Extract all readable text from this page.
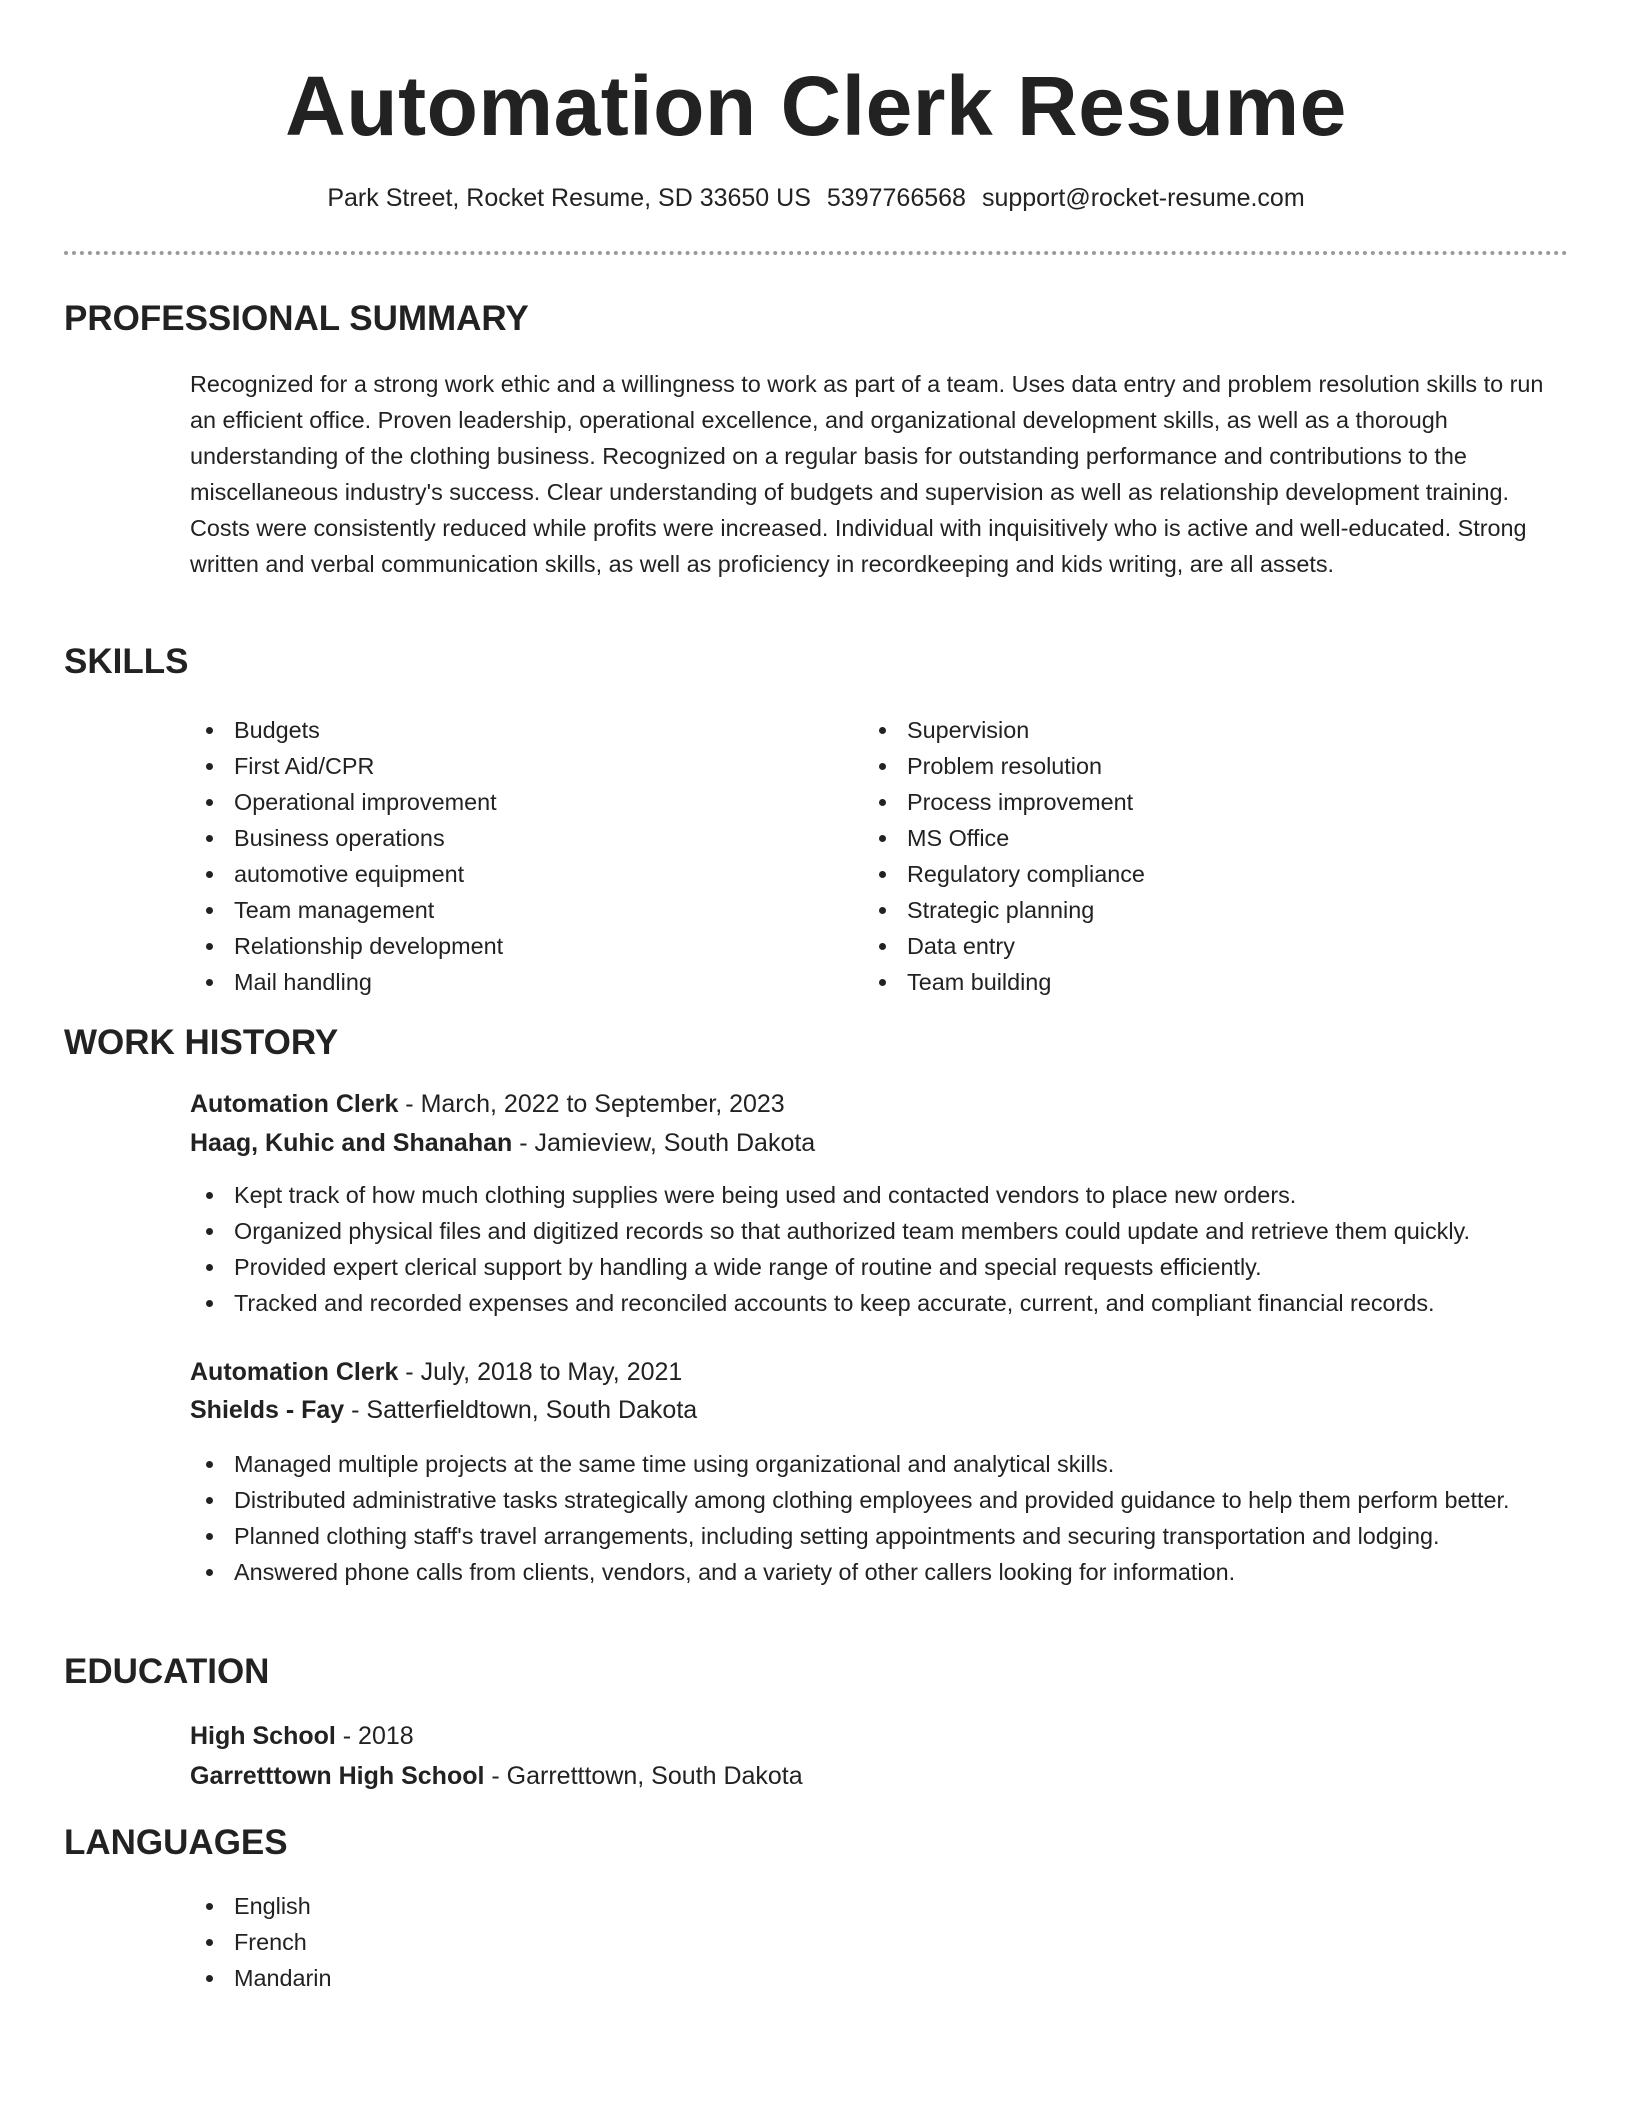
Automation Clerk Resume
Park Street, Rocket Resume, SD 33650 US 5397766568 support@rocket-resume.com
PROFESSIONAL SUMMARY

Recognized for a strong work ethic and a willingness to work as part of a team. Uses data entry and problem resolution skills to run an efficient office. Proven leadership, operational excellence, and organizational development skills, as well as a thorough understanding of the clothing business. Recognized on a regular basis for outstanding performance and contributions to the miscellaneous industry's success. Clear understanding of budgets and supervision as well as relationship development training. Costs were consistently reduced while profits were increased. Individual with inquisitively who is active and well-educated. Strong written and verbal communication skills, as well as proficiency in recordkeeping and kids writing, are all assets.

SKILLS
Budgets
First Aid/CPR
Operational improvement
Business operations
automotive equipment
Team management
Relationship development
Mail handling
Supervision
Problem resolution
Process improvement
MS Office
Regulatory compliance
Strategic planning
Data entry
Team building
WORK HISTORY
Automation Clerk - March, 2022 to September, 2023
Haag, Kuhic and Shanahan - Jamieview, South Dakota
Kept track of how much clothing supplies were being used and contacted vendors to place new orders.
Organized physical files and digitized records so that authorized team members could update and retrieve them quickly.
Provided expert clerical support by handling a wide range of routine and special requests efficiently.
Tracked and recorded expenses and reconciled accounts to keep accurate, current, and compliant financial records.
Automation Clerk - July, 2018 to May, 2021
Shields - Fay - Satterfieldtown, South Dakota
Managed multiple projects at the same time using organizational and analytical skills.
Distributed administrative tasks strategically among clothing employees and provided guidance to help them perform better.
Planned clothing staff's travel arrangements, including setting appointments and securing transportation and lodging.
Answered phone calls from clients, vendors, and a variety of other callers looking for information.
EDUCATION
High School - 2018
Garretttown High School - Garretttown, South Dakota
LANGUAGES
English
French
Mandarin
